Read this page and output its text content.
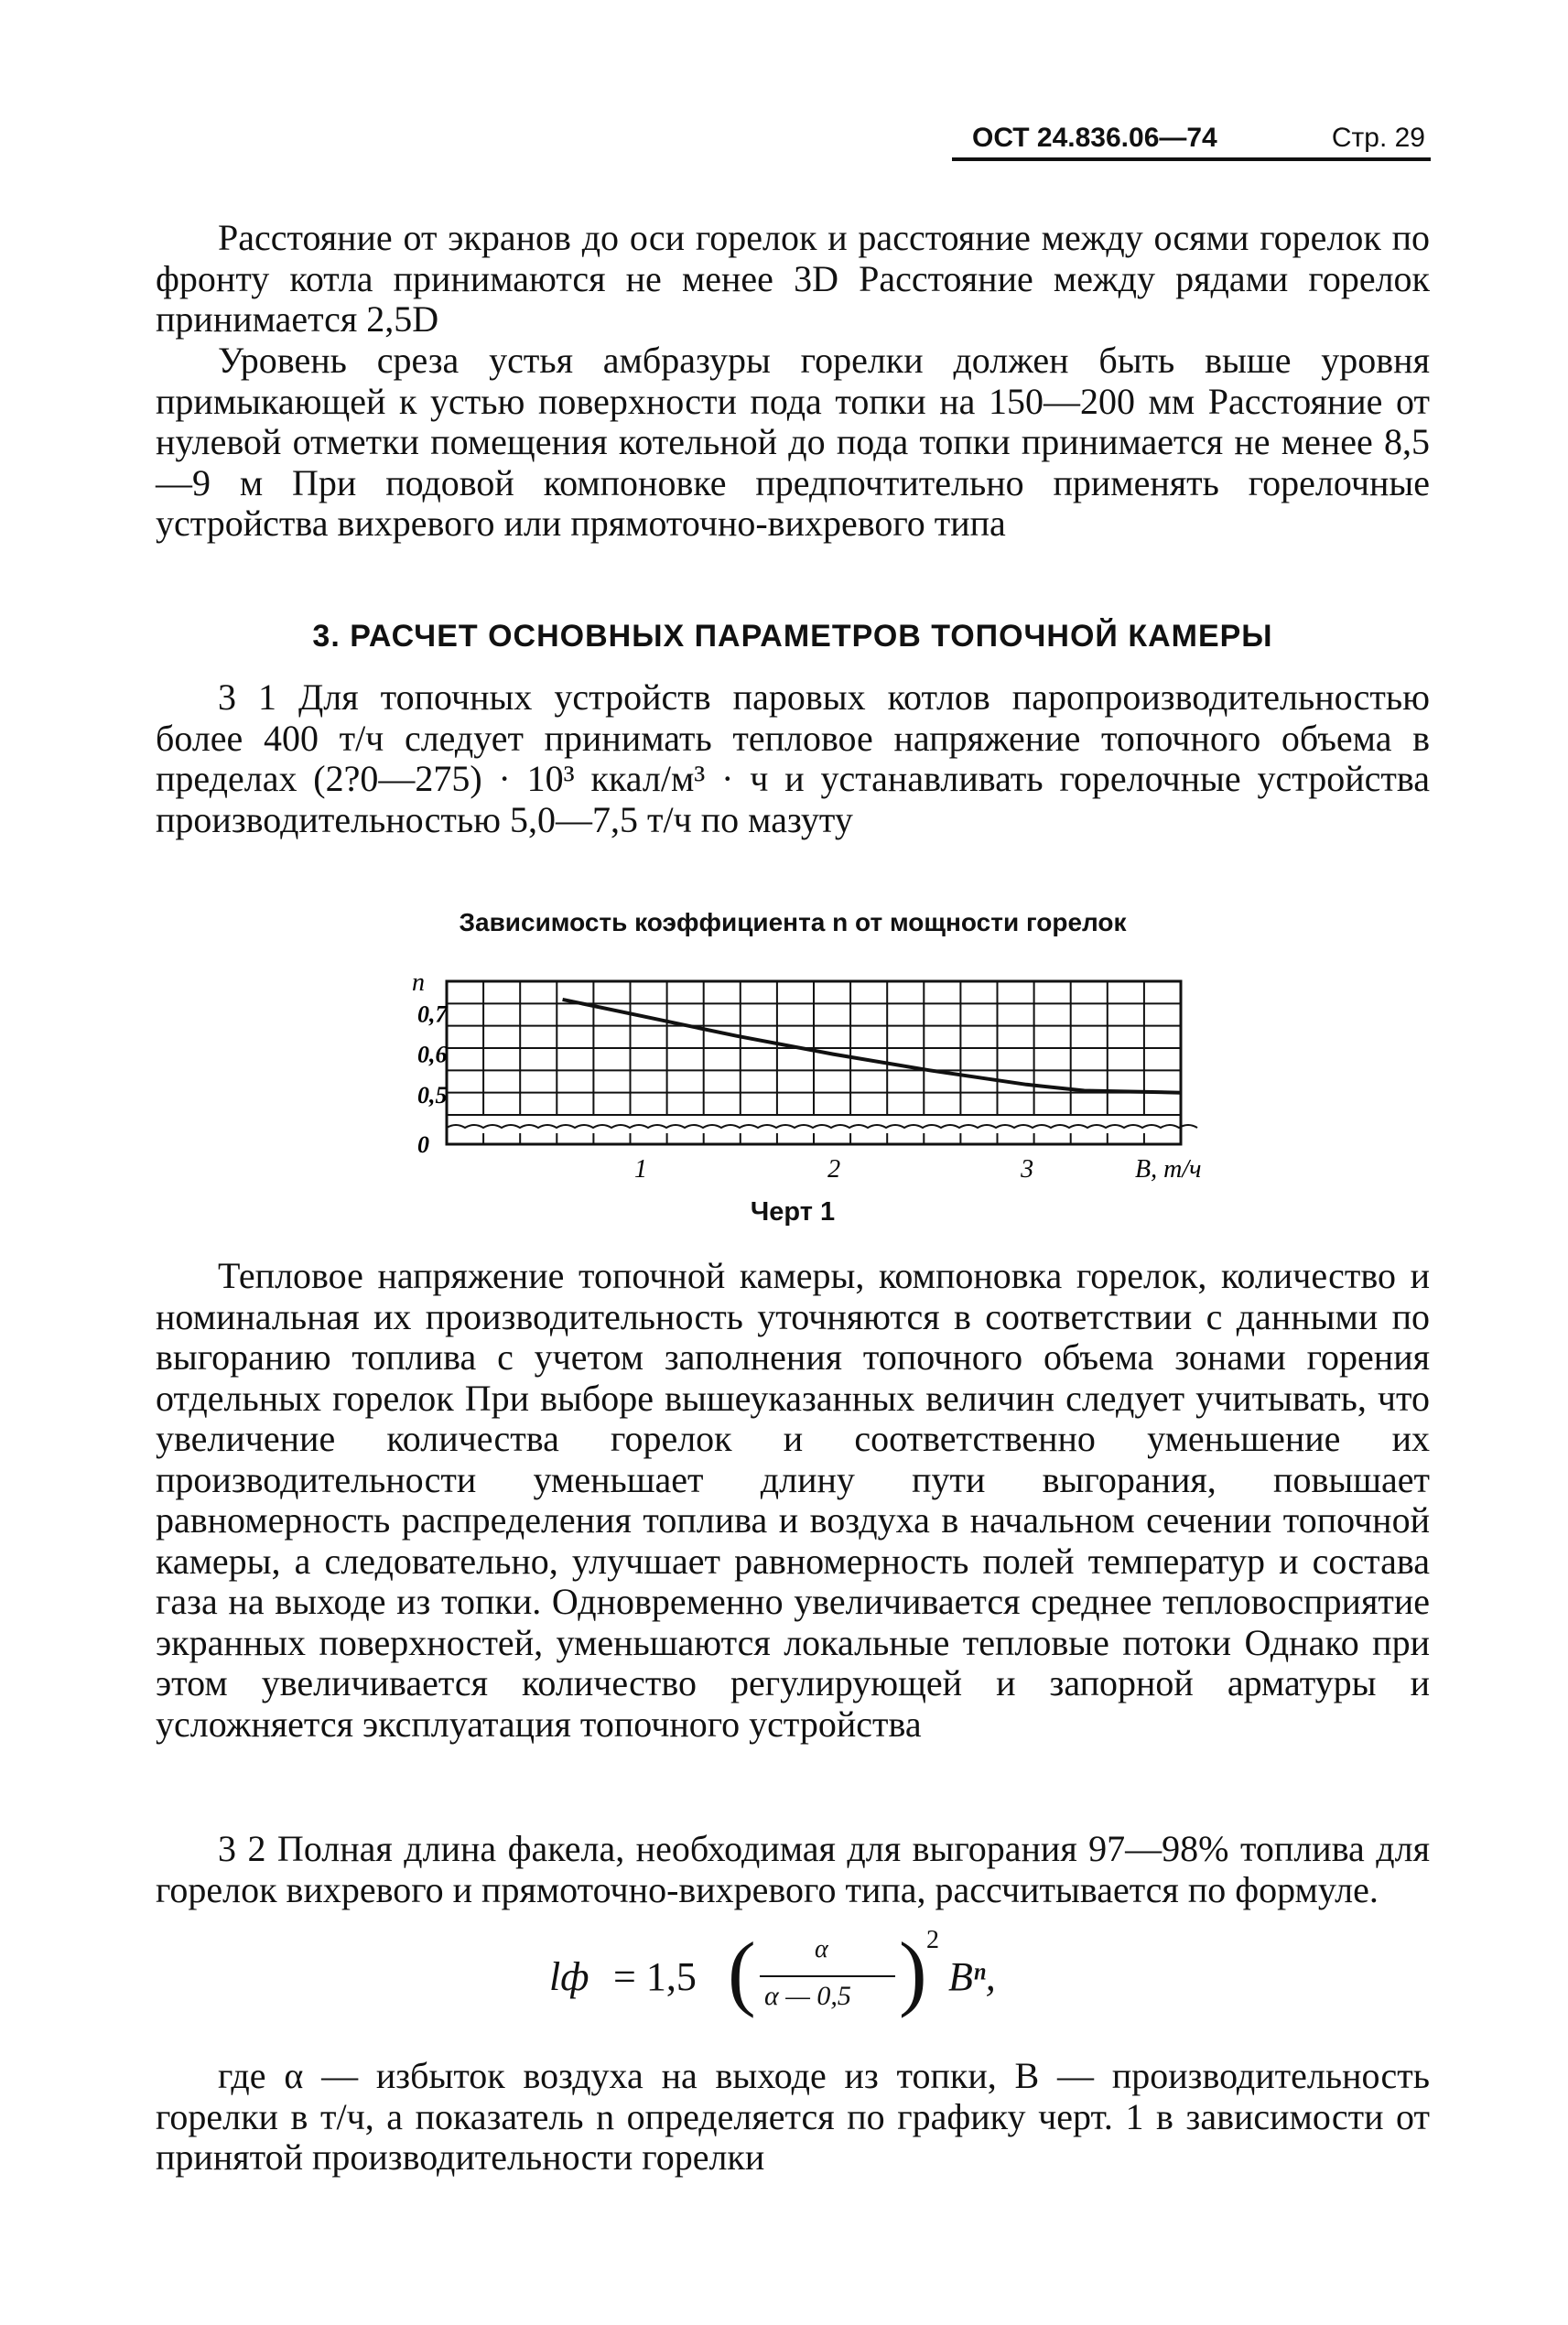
ОСТ 24.836.06—74	Стр. 29
Расстояние от экранов до оси горелок и расстояние между осями горелок по фронту котла принимаются не менее 3D Расстояние между рядами горелок принимается 2,5D
Уровень среза устья амбразуры горелки должен быть выше уровня примыкающей к устью поверхности пода топки на 150—200 мм Расстояние от нулевой отметки помещения котельной до пода топки принимается не менее 8,5—9 м При подовой компоновке предпочтительно применять горелочные устройства вихревого или прямоточно-вихревого типа
3. РАСЧЕТ ОСНОВНЫХ ПАРАМЕТРОВ ТОПОЧНОЙ КАМЕРЫ
3 1 Для топочных устройств паровых котлов паропроизводительностью более 400 т/ч следует принимать тепловое напряжение топочного объема в пределах (2?0—275) · 10³ ккал/м³ · ч и устанавливать горелочные устройства производительностью 5,0—7,5 т/ч по мазуту
Зависимость коэффициента n от мощности горелок
n
B, т/ч
0
0,5
0,6
0,7
1	2	3
Черт 1
Тепловое напряжение топочной камеры, компоновка горелок, количество и номинальная их производительность уточняются в соответствии с данными по выгоранию топлива с учетом заполнения топочного объема зонами горения отдельных горелок При выборе вышеуказанных величин следует учитывать, что увеличение количества горелок и соответственно уменьшение их производительности уменьшает длину пути выгорания, повышает равномерность распределения топлива и воздуха в начальном сечении топочной камеры, а следовательно, улучшает равномерность полей температур и состава газа на выходе из топки. Одновременно увеличивается среднее тепловосприятие экранных поверхностей, уменьшаются локальные тепловые потоки Однако при этом увеличивается количество регулирующей и запорной арматуры и усложняется эксплуатация топочного устройства
3 2 Полная длина факела, необходимая для выгорания 97—98% топлива для горелок вихревого и прямоточно-вихревого типа, рассчитывается по формуле.
lф = 1,5 ( α
α — 0,5 ) 2
Bⁿ,
где α — избыток воздуха на выходе из топки, B — производительность горелки в т/ч, а показатель n определяется по графику черт. 1 в зависимости от принятой производительности горелки
